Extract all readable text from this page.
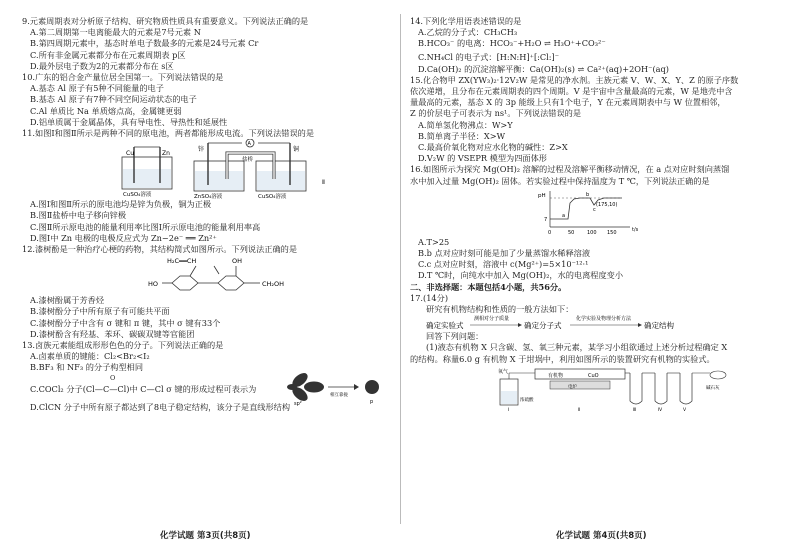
9.元素周期表对分析原子结构、研究物质性质具有重要意义。下列说法正确的是

A.第二周期第一电离能最大的元素是7号元素 N

B.第四周期元素中，基态时单电子数最多的元素是24号元素 Cr

C.所有非金属元素都分布在元素周期表 p区

D.最外层电子数为2的元素都分布在 s区

10.广东的铝合金产量位居全国第一。下列说法错误的是

A.基态 Al 原子有5种不同能量的电子

B.基态 Al 原子有7种不同空间运动状态的电子

C.Al 单质比 Na 单质熔点高，金属键更弱

D.铝单质属于金属晶体，具有导电性、导热性和延展性

11.如图Ⅰ和图Ⅱ所示是两种不同的原电池，两者都能形成电流。下列说法错误的是

Cu	Zn
CuSO₄溶液
A
锌	铜
盐桥
ZnSO₄溶液	CuSO₄溶液
Ⅱ

A.图Ⅰ和图Ⅱ所示的原电池均是锌为负极，铜为正极

B.图Ⅱ盐桥中电子移向锌极

C.图Ⅱ所示原电池的能量利用率比图Ⅰ所示原电池的能量利用率高

D.图Ⅰ中 Zn 电极的电极反应式为 Zn−2e⁻ ══ Zn²⁺

12.漆树酚是一种治疗心梗的药物，其结构简式如图所示。下列说法正确的是

H₂C══CH	OH
HO	CH₂OH

A.漆树酚属于芳香烃

B.漆树酚分子中所有原子有可能共平面

C.漆树酚分子中含有 σ 键和 π 键，其中 σ 键有33个

D.漆树酚含有羟基、苯环、碳碳双键等官能团

13.卤族元素能组成形形色色的分子。下列说法正确的是

A.卤素单质的键能：Cl₂<Br₂<I₂

B.BF₃ 和 NF₃ 的分子构型相同

C.COCl₂ 分子(Cl—C—Cl)中 C—Cl σ 键的形成过程可表示为

O
相互靠拢
sp²	p

D.ClCN 分子中所有原子都达到了8电子稳定结构，该分子是直线形结构

14.下列化学用语表述错误的是

A.乙烷的分子式：CH₃CH₃

B.HCO₃⁻ 的电离：HCO₃⁻+H₂O ⇌ H₃O⁺+CO₃²⁻

C.NH₄Cl 的电子式：[H:N:H]⁺[:Cl:]⁻

D.Ca(OH)₂ 的沉淀溶解平衡：Ca(OH)₂(s) ⇌ Ca²⁺(aq)+2OH⁻(aq)

15.化合物甲 ZX(YW₃)₂·12V₂W 是常见的净水剂。主族元素 V、W、X、Y、Z 的原子序数

依次递增，且分布在元素周期表的四个周期。V 是宇宙中含量最高的元素，W 是地壳中含

量最高的元素，基态 X 的 3p 能级上只有1个电子，Y 在元素周期表中与 W 位置相邻，

Z 的价层电子可表示为 ns¹。下列说法错误的是

A.简单氢化物沸点：W>Y

B.简单离子半径：X>W

C.最高价氧化物对应水化物的碱性：Z>X

D.V₂W 的 VSEPR 模型为四面体形

16.如图所示为探究 Mg(OH)₂ 溶解的过程及溶解平衡移动情况，在 a 点对应时刻向蒸馏

水中加入过量 Mg(OH)₂ 固体。若实验过程中保持温度为 T ℃，下列说法正确的是

pH
t/s
7
0	50	100 150
a
b
c
(175,10)

A.T>25

B.b 点对应时刻可能是加了少量蒸馏水稀释溶液

C.c 点对应时刻，溶液中 c(Mg²⁺)=5×10⁻¹²·¹

D.T ℃时，向纯水中加入 Mg(OH)₂，水的电离程度变小

二、非选择题：本题包括4小题，共56分。

17.(14分)

研究有机物结构和性质的一般方法如下：

确定实验式
测相对分子质量
确定分子式
化学实验及物理分析方法
确定结构

回答下列问题：

(1)液态有机物 X 只含碳、氢、氧三种元素，某学习小组欲通过上述分析过程确定 X

的结构。称量6.0 g 有机物 X 于坩埚中，利用如图所示的装置研究有机物的实验式。

氧气
Ⅰ
有机物	CuO
电炉
浓硫酸
Ⅱ	Ⅲ	Ⅳ	Ⅴ
碱石灰
化学试题 第3页(共8页)	化学试题 第4页(共8页)
